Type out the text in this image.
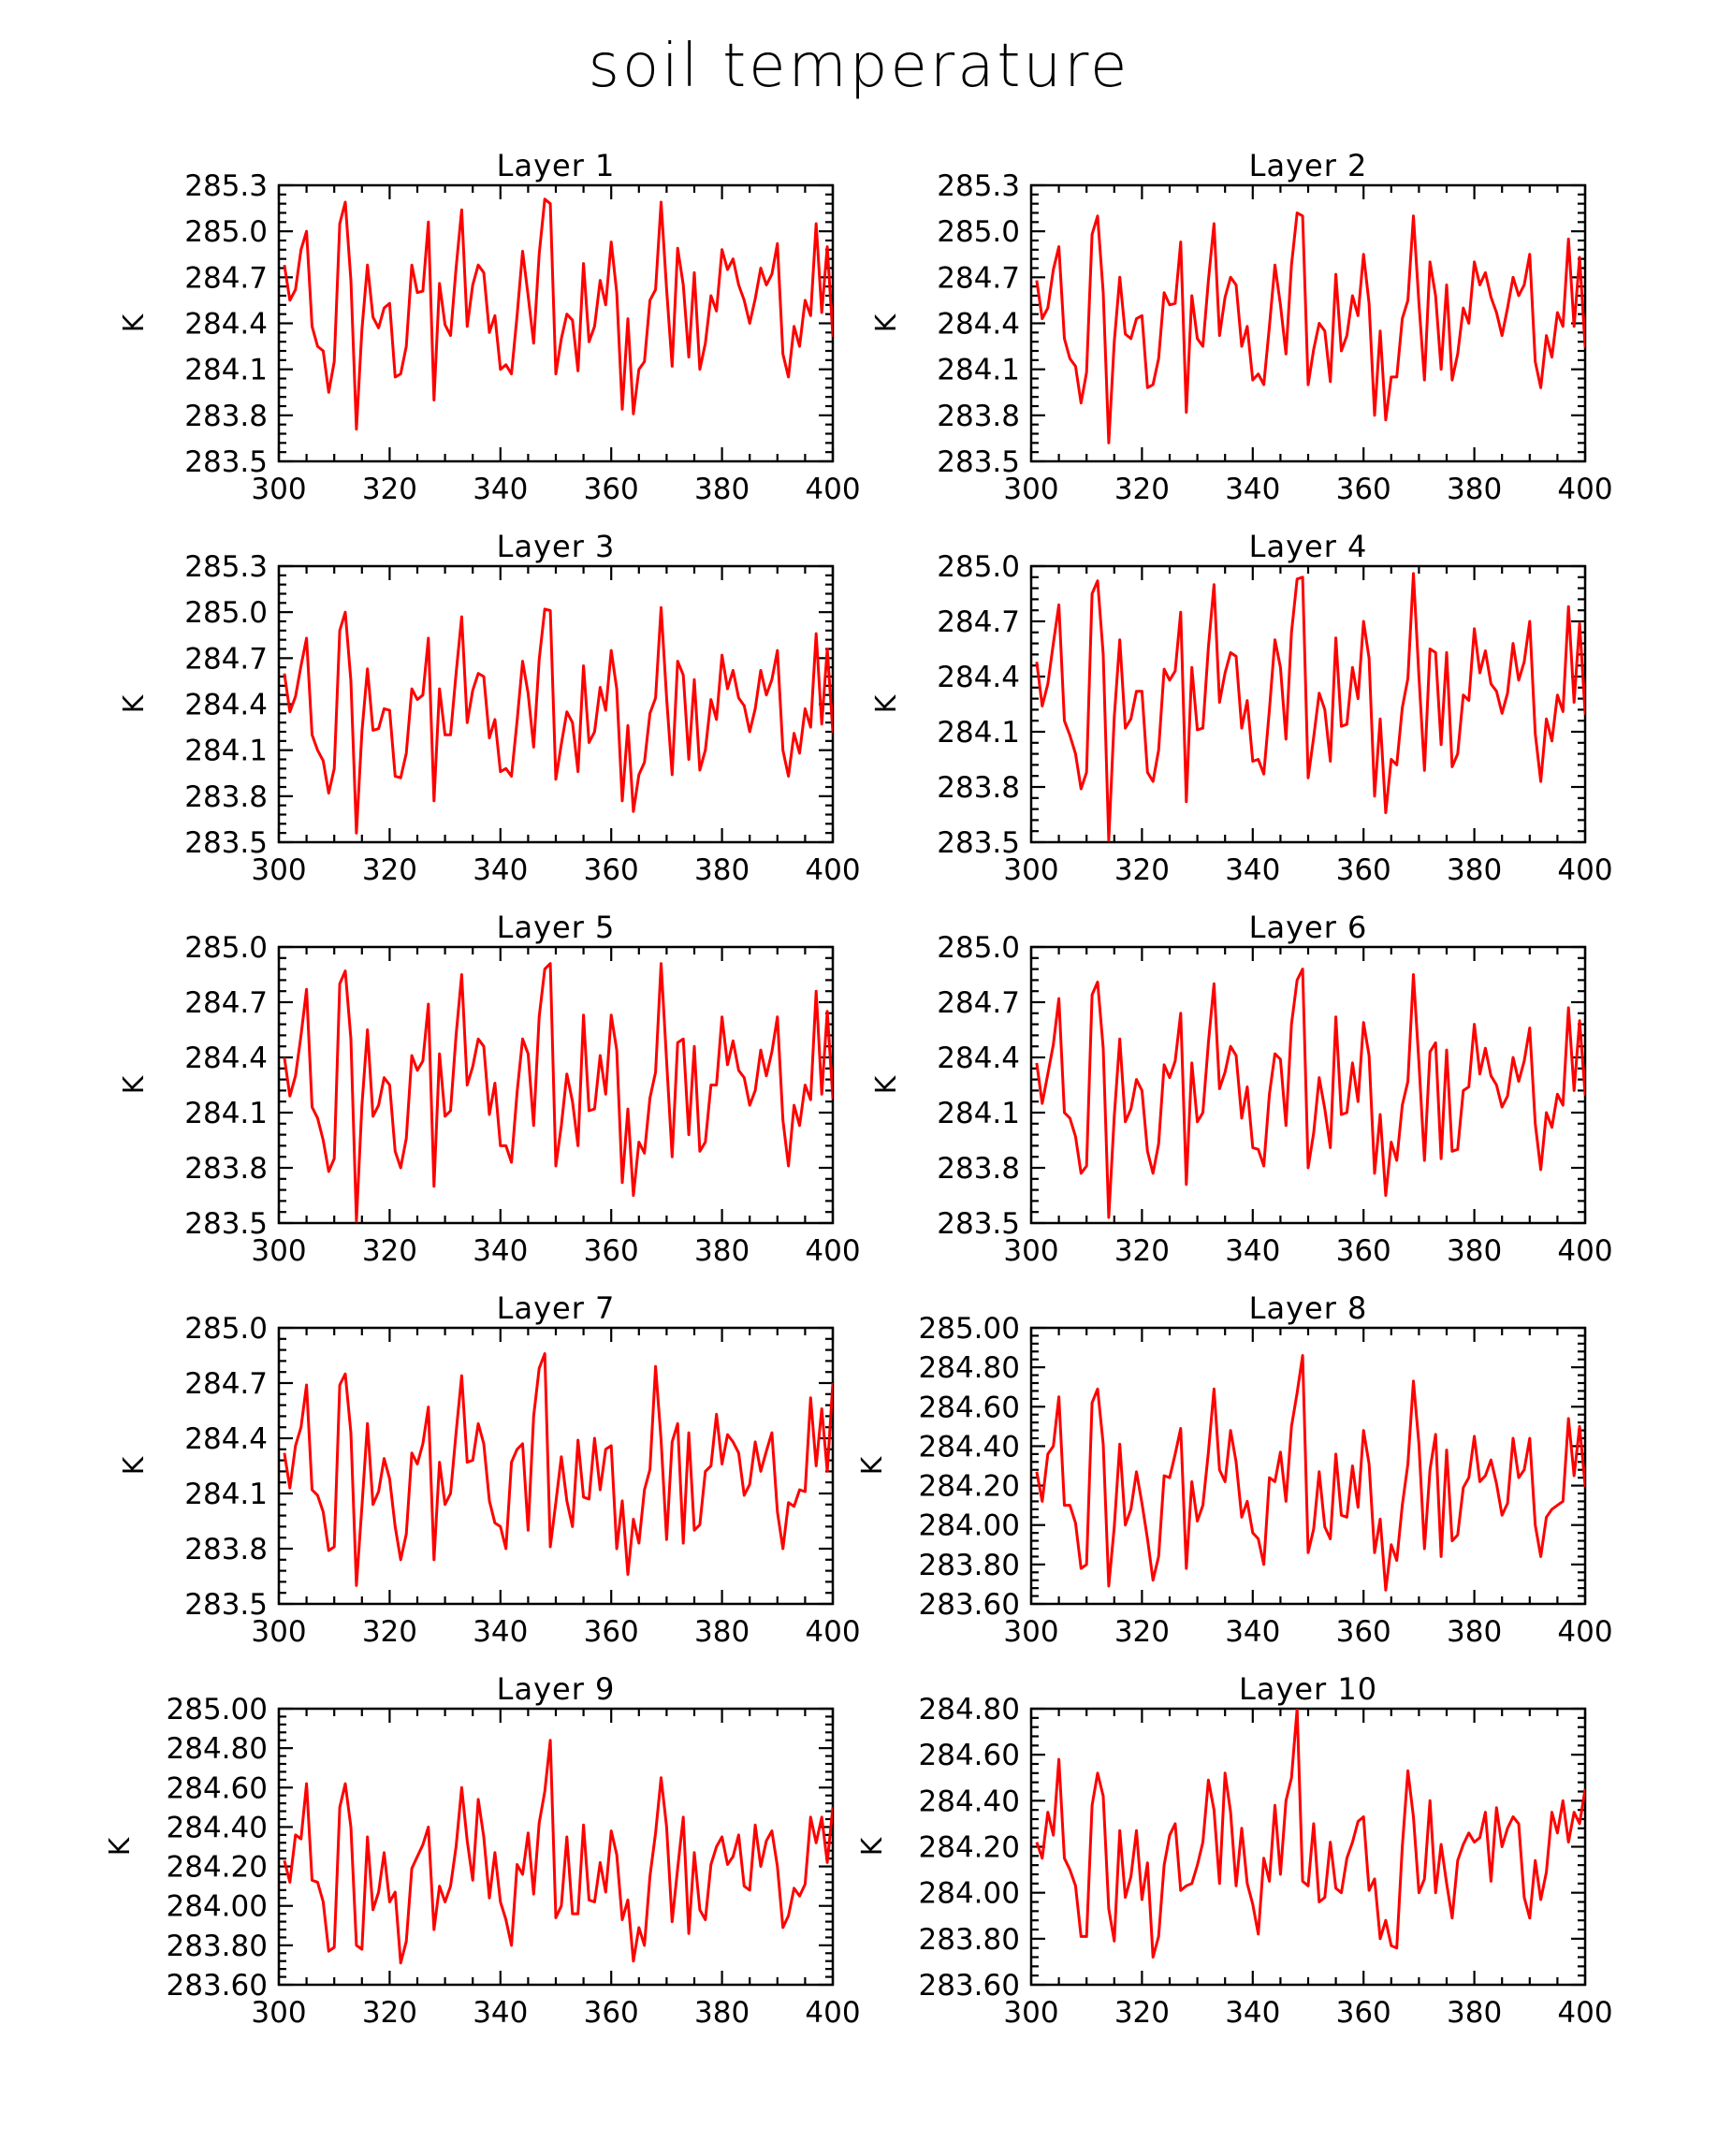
soil temperature
Layer 1
300 320 340 360 380 400
283.5
283.8
284.1
284.4
284.7
285.0
285.3
K
Layer 2
300 320 340 360 380 400
283.5
283.8
284.1
284.4
284.7
285.0
285.3
K
Layer 3
300 320 340 360 380 400
283.5
283.8
284.1
284.4
284.7
285.0
285.3
K
Layer 4
300 320 340 360 380 400
283.5
283.8
284.1
284.4
284.7
285.0
K
Layer 5
300 320 340 360 380 400
283.5
283.8
284.1
284.4
284.7
285.0
K
Layer 6
300 320 340 360 380 400
283.5
283.8
284.1
284.4
284.7
285.0
K
Layer 7
300 320 340 360 380 400
283.5
283.8
284.1
284.4
284.7
285.0
K
Layer 8
300 320 340 360 380 400
283.60
283.80
284.00
284.20
284.40
284.60
284.80
285.00
K
Layer 9
300 320 340 360 380 400
283.60
283.80
284.00
284.20
284.40
284.60
284.80
285.00
K
Layer 10
300 320 340 360 380 400
283.60
283.80
284.00
284.20
284.40
284.60
284.80
K
